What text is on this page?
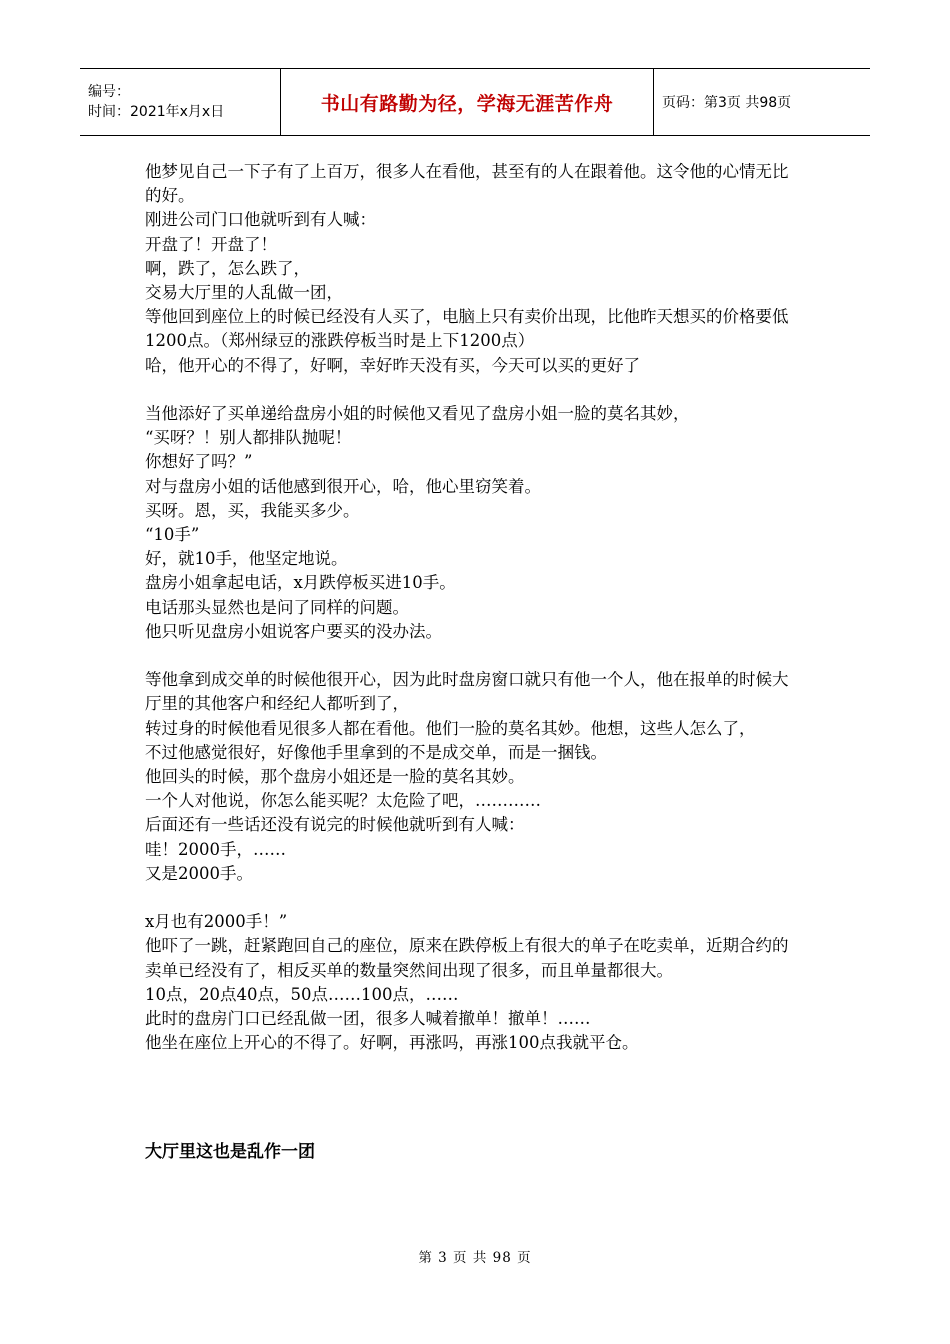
编号：
时间：2021年x月x日	书山有路勤为径，学海无涯苦作舟	页码：第3页 共98页

他梦见自己一下子有了上百万，很多人在看他，甚至有的人在跟着他。这令他的心情无比的好。

刚进公司门口他就听到有人喊：

开盘了！开盘了！

啊，跌了，怎么跌了，

交易大厅里的人乱做一团，

等他回到座位上的时候已经没有人买了，电脑上只有卖价出现，比他昨天想买的价格要低1200点。（郑州绿豆的涨跌停板当时是上下1200点）

哈，他开心的不得了，好啊，幸好昨天没有买，今天可以买的更好了

当他添好了买单递给盘房小姐的时候他又看见了盘房小姐一脸的莫名其妙，

“买呀？！别人都排队抛呢！

你想好了吗？”

对与盘房小姐的话他感到很开心，哈，他心里窃笑着。

买呀。恩，买，我能买多少。

“10手”

好，就10手，他坚定地说。

盘房小姐拿起电话，x月跌停板买进10手。

电话那头显然也是问了同样的问题。

他只听见盘房小姐说客户要买的没办法。

等他拿到成交单的时候他很开心，因为此时盘房窗口就只有他一个人，他在报单的时候大厅里的其他客户和经纪人都听到了，

转过身的时候他看见很多人都在看他。他们一脸的莫名其妙。他想，这些人怎么了，

不过他感觉很好，好像他手里拿到的不是成交单，而是一捆钱。

他回头的时候，那个盘房小姐还是一脸的莫名其妙。

一个人对他说，你怎么能买呢？太危险了吧，…………

后面还有一些话还没有说完的时候他就听到有人喊：

哇！2000手，……

又是2000手。

x月也有2000手！”

他吓了一跳，赶紧跑回自己的座位，原来在跌停板上有很大的单子在吃卖单，近期合约的卖单已经没有了，相反买单的数量突然间出现了很多，而且单量都很大。

10点，20点40点，50点……100点，……

此时的盘房门口已经乱做一团，很多人喊着撤单！撤单！……

他坐在座位上开心的不得了。好啊，再涨吗，再涨100点我就平仓。

大厅里这也是乱作一团
第 3 页 共 98 页
